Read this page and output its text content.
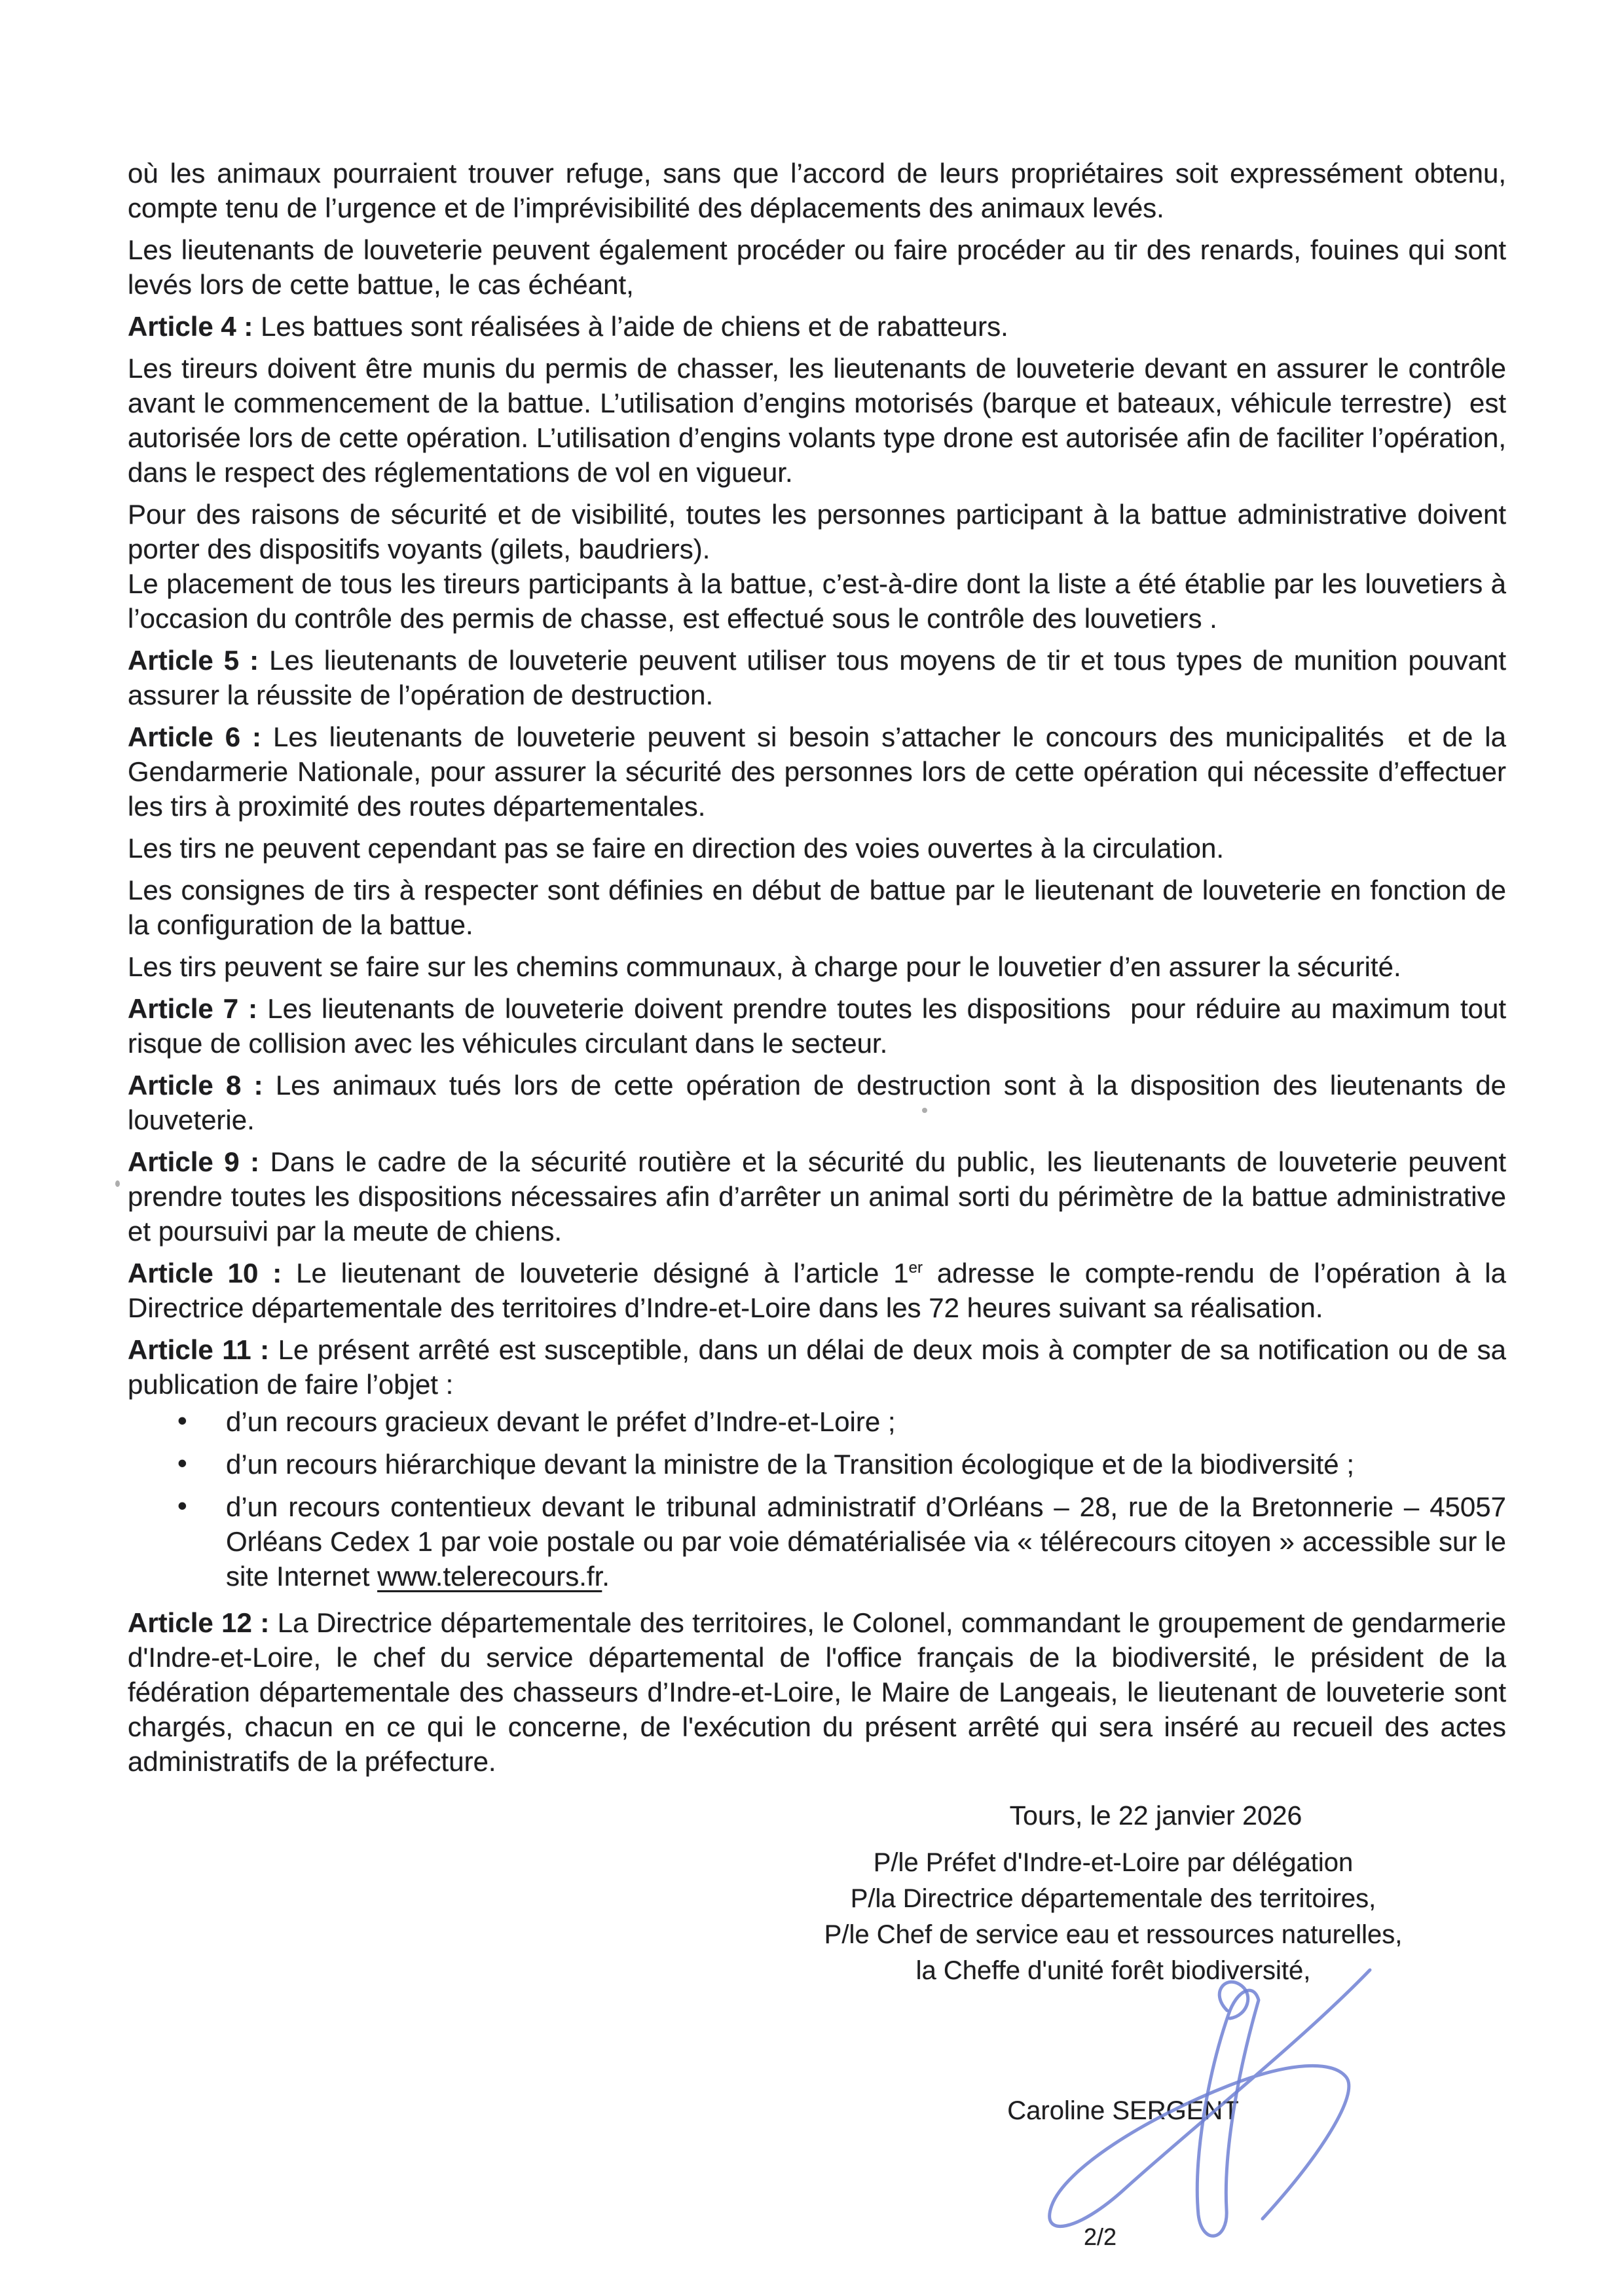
où les animaux pourraient trouver refuge, sans que l’accord de leurs propriétaires soit expressément obtenu, compte tenu de l’urgence et de l’imprévisibilité des déplacements des animaux levés.

Les lieutenants de louveterie peuvent également procéder ou faire procéder au tir des renards, fouines qui sont levés lors de cette battue, le cas échéant,

Article 4 : Les battues sont réalisées à l’aide de chiens et de rabatteurs.

Les tireurs doivent être munis du permis de chasser, les lieutenants de louveterie devant en assurer le contrôle avant le commencement de la battue. L’utilisation d’engins motorisés (barque et bateaux, véhicule terrestre)  est autorisée lors de cette opération. L’utilisation d’engins volants type drone est autorisée afin de faciliter l’opération, dans le respect des réglementations de vol en vigueur.

Pour des raisons de sécurité et de visibilité, toutes les personnes participant à la battue administrative doivent porter des dispositifs voyants (gilets, baudriers).

Le placement de tous les tireurs participants à la battue, c’est-à-dire dont la liste a été établie par les louvetiers à l’occasion du contrôle des permis de chasse, est effectué sous le contrôle des louvetiers .

Article 5 : Les lieutenants de louveterie peuvent utiliser tous moyens de tir et tous types de munition pouvant assurer la réussite de l’opération de destruction.

Article 6 : Les lieutenants de louveterie peuvent si besoin s’attacher le concours des municipalités  et de la Gendarmerie Nationale, pour assurer la sécurité des personnes lors de cette opération qui nécessite d’effectuer les tirs à proximité des routes départementales.

Les tirs ne peuvent cependant pas se faire en direction des voies ouvertes à la circulation.

Les consignes de tirs à respecter sont définies en début de battue par le lieutenant de louveterie en fonction de la configuration de la battue.

Les tirs peuvent se faire sur les chemins communaux, à charge pour le louvetier d’en assurer la sécurité.

Article 7 : Les lieutenants de louveterie doivent prendre toutes les dispositions  pour réduire au maximum tout risque de collision avec les véhicules circulant dans le secteur.

Article 8 : Les animaux tués lors de cette opération de destruction sont à la disposition des lieutenants de louveterie.

Article 9 : Dans le cadre de la sécurité routière et la sécurité du public, les lieutenants de louveterie peuvent prendre toutes les dispositions nécessaires afin d’arrêter un animal sorti du périmètre de la battue administrative et poursuivi par la meute de chiens.

Article 10 : Le lieutenant de louveterie désigné à l’article 1er adresse le compte-rendu de l’opération à la Directrice départementale des territoires d’Indre-et-Loire dans les 72 heures suivant sa réalisation.

Article 11 : Le présent arrêté est susceptible, dans un délai de deux mois à compter de sa notification ou de sa publication de faire l’objet :

• d’un recours gracieux devant le préfet d’Indre-et-Loire ;
• d’un recours hiérarchique devant la ministre de la Transition écologique et de la biodiversité ;
• d’un recours contentieux devant le tribunal administratif d’Orléans – 28, rue de la Bretonnerie – 45057 Orléans Cedex 1 par voie postale ou par voie dématérialisée via « télérecours citoyen » accessible sur le site Internet www.telerecours.fr.

Article 12 : La Directrice départementale des territoires, le Colonel, commandant le groupement de gendarmerie d'Indre-et-Loire, le chef du service départemental de l'office français de la biodiversité, le président de la fédération départementale des chasseurs d’Indre-et-Loire, le Maire de Langeais, le lieutenant de louveterie sont chargés, chacun en ce qui le concerne, de l'exécution du présent arrêté qui sera inséré au recueil des actes administratifs de la préfecture.

Tours, le 22 janvier 2026
P/le Préfet d'Indre-et-Loire par délégation
P/la Directrice départementale des territoires,
P/le Chef de service eau et ressources naturelles,
la Cheffe d'unité forêt biodiversité,
Caroline SERGENT
2/2
